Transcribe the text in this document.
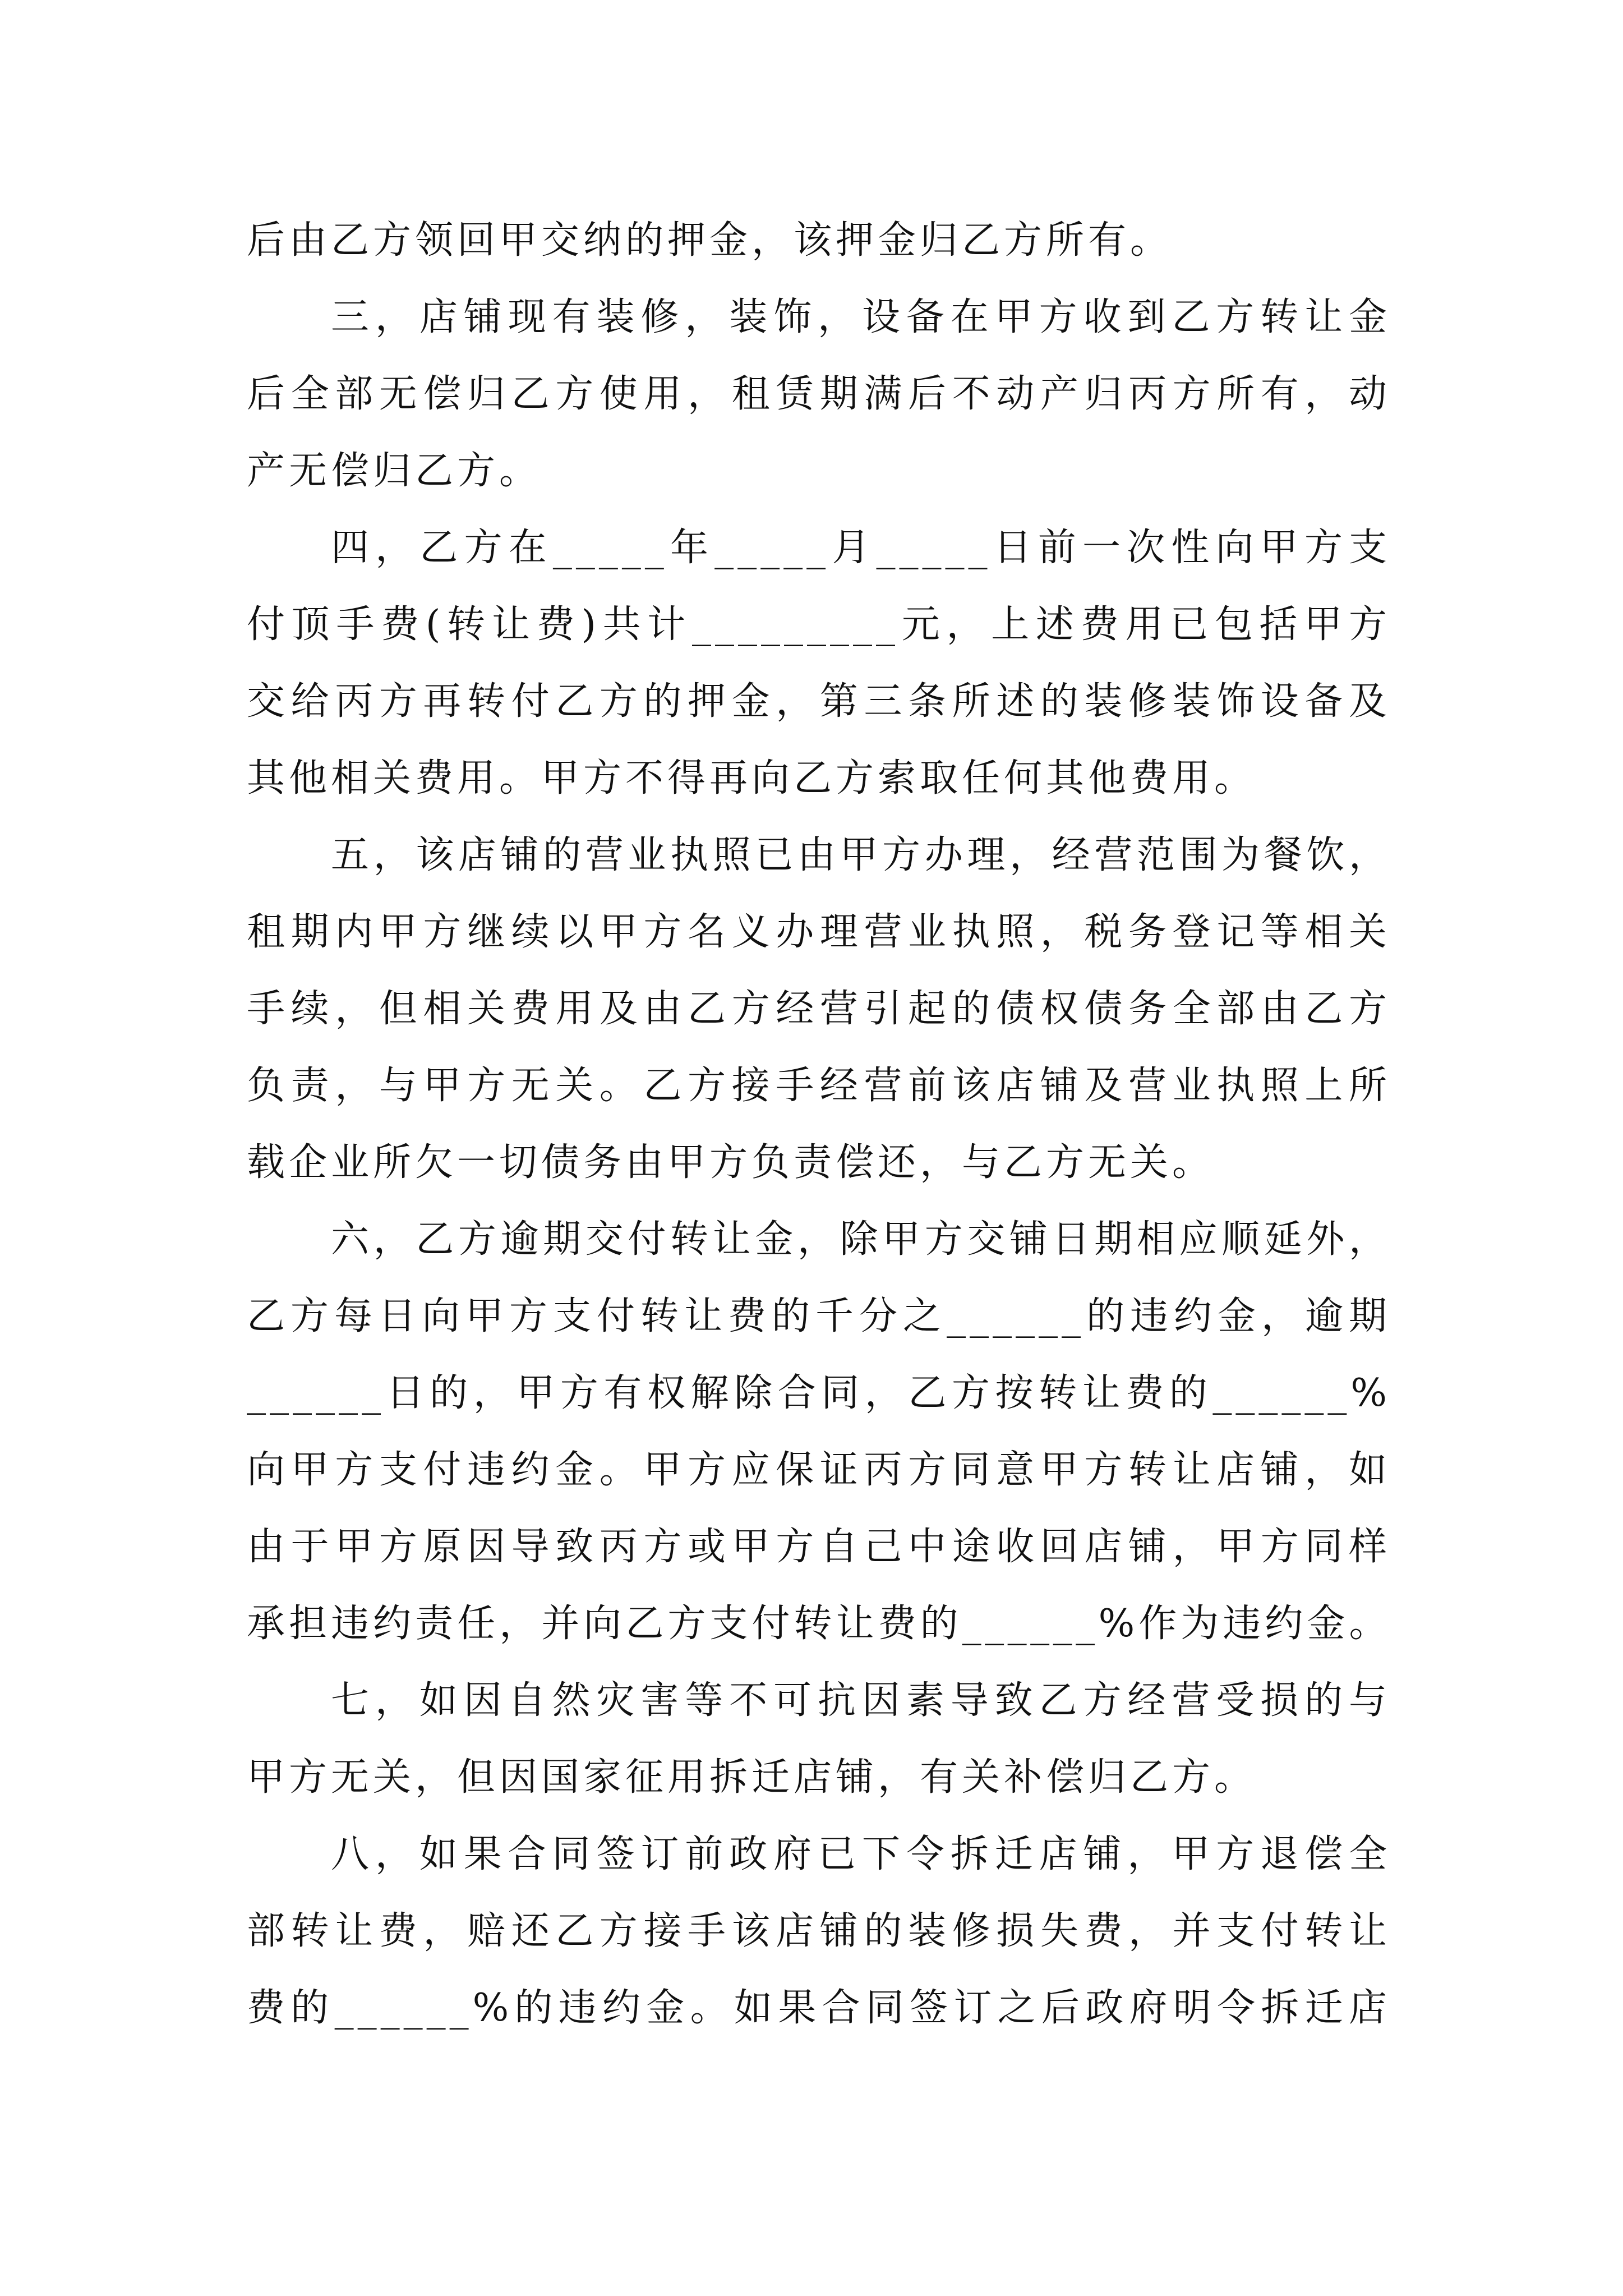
后由乙方领回甲交纳的押金，该押金归乙方所有。
三，店铺现有装修，装饰，设备在甲方收到乙方转让金
后全部无偿归乙方使用，租赁期满后不动产归丙方所有，动
产无偿归乙方。
四，乙方在_____年_____月_____日前一次性向甲方支
付顶手费(转让费)共计_________元，上述费用已包括甲方
交给丙方再转付乙方的押金，第三条所述的装修装饰设备及
其他相关费用。甲方不得再向乙方索取任何其他费用。
五，该店铺的营业执照已由甲方办理，经营范围为餐饮，
租期内甲方继续以甲方名义办理营业执照，税务登记等相关
手续，但相关费用及由乙方经营引起的债权债务全部由乙方
负责，与甲方无关。乙方接手经营前该店铺及营业执照上所
载企业所欠一切债务由甲方负责偿还，与乙方无关。
六，乙方逾期交付转让金，除甲方交铺日期相应顺延外，
乙方每日向甲方支付转让费的千分之______的违约金，逾期
______日的，甲方有权解除合同，乙方按转让费的______%
向甲方支付违约金。甲方应保证丙方同意甲方转让店铺，如
由于甲方原因导致丙方或甲方自己中途收回店铺，甲方同样
承担违约责任，并向乙方支付转让费的______%作为违约金。
七，如因自然灾害等不可抗因素导致乙方经营受损的与
甲方无关，但因国家征用拆迁店铺，有关补偿归乙方。
八，如果合同签订前政府已下令拆迁店铺，甲方退偿全
部转让费，赔还乙方接手该店铺的装修损失费，并支付转让
费的______%的违约金。如果合同签订之后政府明令拆迁店
